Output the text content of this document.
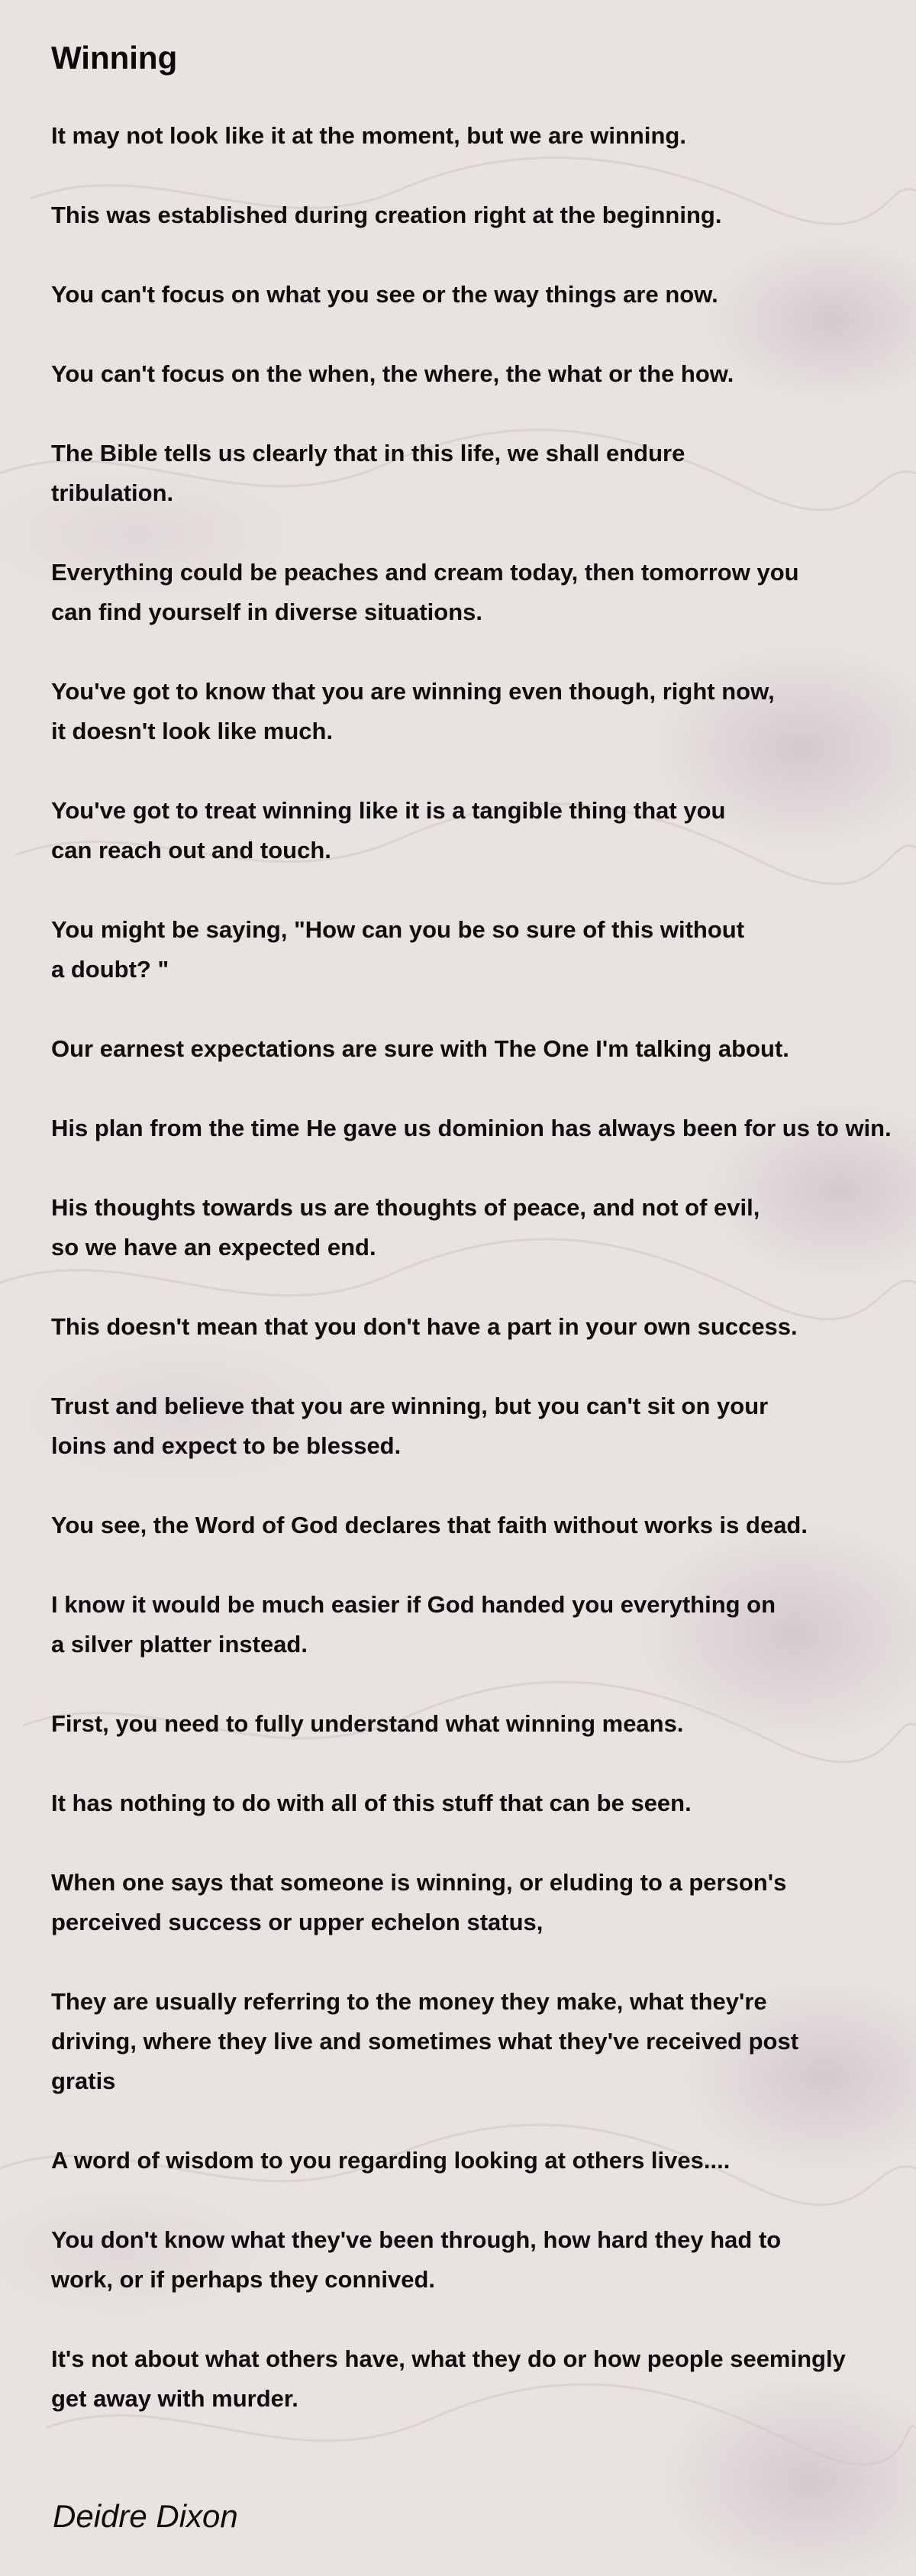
Winning
It may not look like it at the moment, but we are winning.
This was established during creation right at the beginning.
You can't focus on what you see or the way things are now.
You can't focus on the when, the where, the what or the how.
The Bible tells us clearly that in this life, we shall endure
tribulation.
Everything could be peaches and cream today, then tomorrow you
can find yourself in diverse situations.
You've got to know that you are winning even though, right now,
it doesn't look like much.
You've got to treat winning like it is a tangible thing that you
can reach out and touch.
You might be saying, "How can you be so sure of this without
a doubt? "
Our earnest expectations are sure with The One I'm talking about.
His plan from the time He gave us dominion has always been for us to win.
His thoughts towards us are thoughts of peace, and not of evil,
so we have an expected end.
This doesn't mean that you don't have a part in your own success.
Trust and believe that you are winning, but you can't sit on your
loins and expect to be blessed.
You see, the Word of God declares that faith without works is dead.
I know it would be much easier if God handed you everything on
a silver platter instead.
First, you need to fully understand what winning means.
It has nothing to do with all of this stuff that can be seen.
When one says that someone is winning, or eluding to a person's
perceived success or upper echelon status,
They are usually referring to the money they make, what they're
driving, where they live and sometimes what they've received post
gratis
A word of wisdom to you regarding looking at others lives....
You don't know what they've been through, how hard they had to
work, or if perhaps they connived.
It's not about what others have, what they do or how people seemingly
get away with murder.
Deidre Dixon
